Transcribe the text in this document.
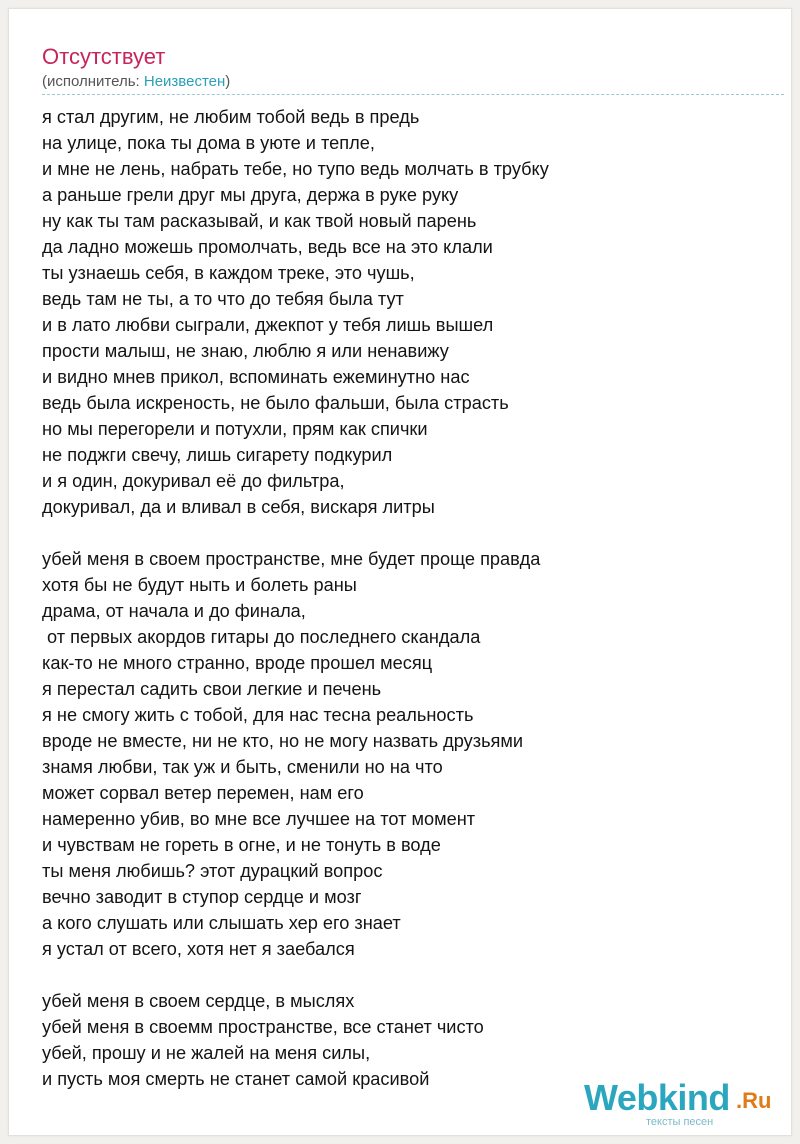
Отсутствует
(исполнитель: Неизвестен)
я стал другим, не любим тобой ведь в предь
на улице, пока ты дома в уюте и тепле,
и мне не лень, набрать тебе, но тупо ведь молчать в трубку
а раньше грели друг мы друга, держа в руке руку
ну как ты там расказывай, и как твой новый парень
да ладно можешь промолчать, ведь все на это клали
ты узнаешь себя, в каждом треке, это чушь,
ведь там не ты, а то что до тебяя была тут
и в лато любви сыграли, джекпот у тебя лишь вышел
прости малыш, не знаю, люблю я или ненавижу
и видно мнев прикол, вспоминать ежеминутно нас
ведь была искреность, не было фальши, была страсть
но мы перегорели и потухли, прям как спички
не поджги свечу, лишь сигарету подкурил
и я один, докуривал её до фильтра,
докуривал, да и вливал в себя, вискаря литры
убей меня в своем пространстве, мне будет проще правда
хотя бы не будут ныть и болеть раны
драма, от начала и до финала,
от первых акордов гитары до последнего скандала
как-то не много странно, вроде прошел месяц
я перестал садить свои легкие и печень
я не смогу жить с тобой, для нас тесна реальность
вроде не вместе, ни не кто, но не могу назвать друзьями
знамя любви, так уж и быть, сменили но на что
может сорвал ветер перемен, нам его
намеренно убив, во мне все лучшее на тот момент
и чувствам не гореть в огне, и не тонуть в воде
ты меня любишь? этот дурацкий вопрос
вечно заводит в ступор сердце и мозг
а кого слушать или слышать хер его знает
я устал от всего, хотя нет я заебался
убей меня в своем сердце, в мыслях
убей меня в своемм пространстве, все станет чисто
убей, прошу и не жалей на меня силы,
и пусть моя смерть не станет самой красивой	Webkind .Ru
тексты песен
